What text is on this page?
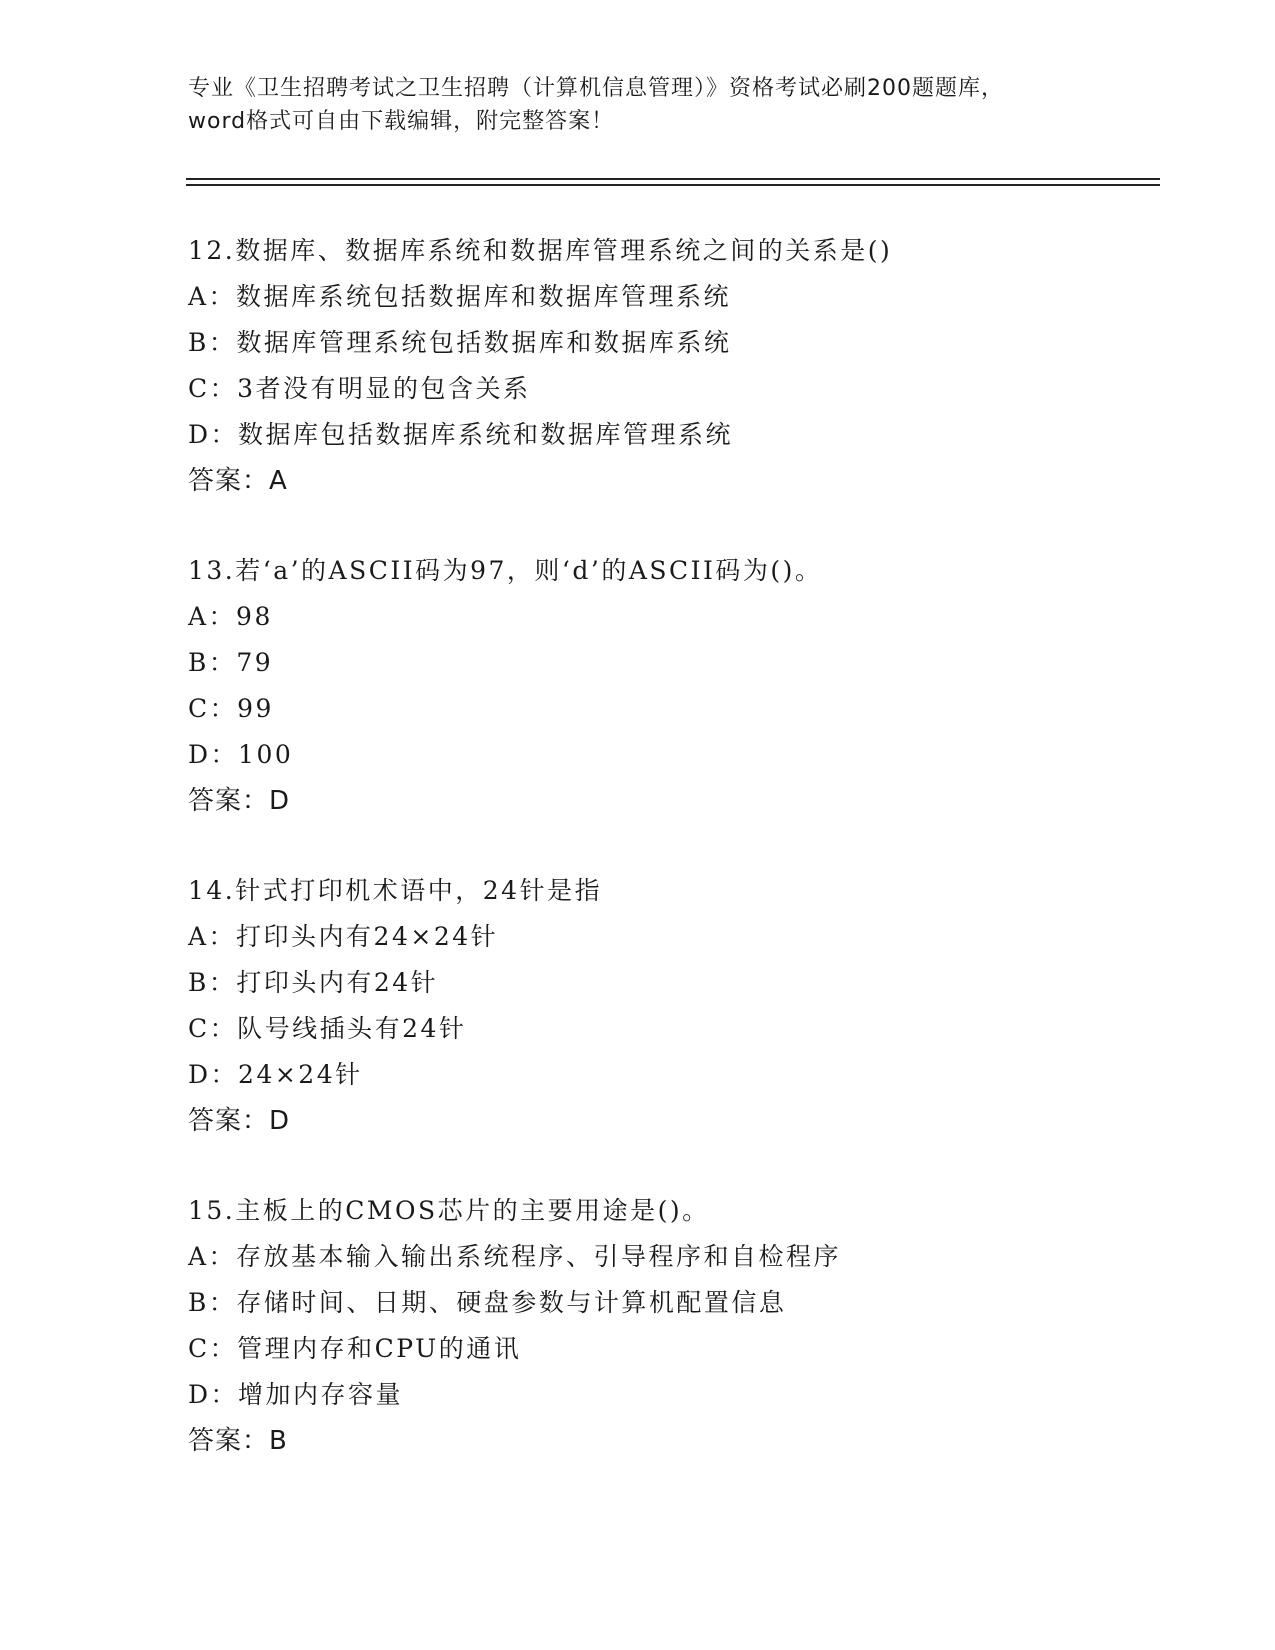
专业《卫生招聘考试之卫生招聘（计算机信息管理）》资格考试必刷200题题库，
word格式可自由下载编辑，附完整答案！
12.数据库、数据库系统和数据库管理系统之间的关系是()
A：数据库系统包括数据库和数据库管理系统
B：数据库管理系统包括数据库和数据库系统
C：3者没有明显的包含关系
D：数据库包括数据库系统和数据库管理系统
答案：A
13.若‘a’的ASCII码为97，则‘d’的ASCII码为()。
A：98
B：79
C：99
D：100
答案：D
14.针式打印机术语中，24针是指
A：打印头内有24×24针
B：打印头内有24针
C：队号线插头有24针
D：24×24针
答案：D
15.主板上的CMOS芯片的主要用途是()。
A：存放基本输入输出系统程序、引导程序和自检程序
B：存储时间、日期、硬盘参数与计算机配置信息
C：管理内存和CPU的通讯
D：增加内存容量
答案：B
